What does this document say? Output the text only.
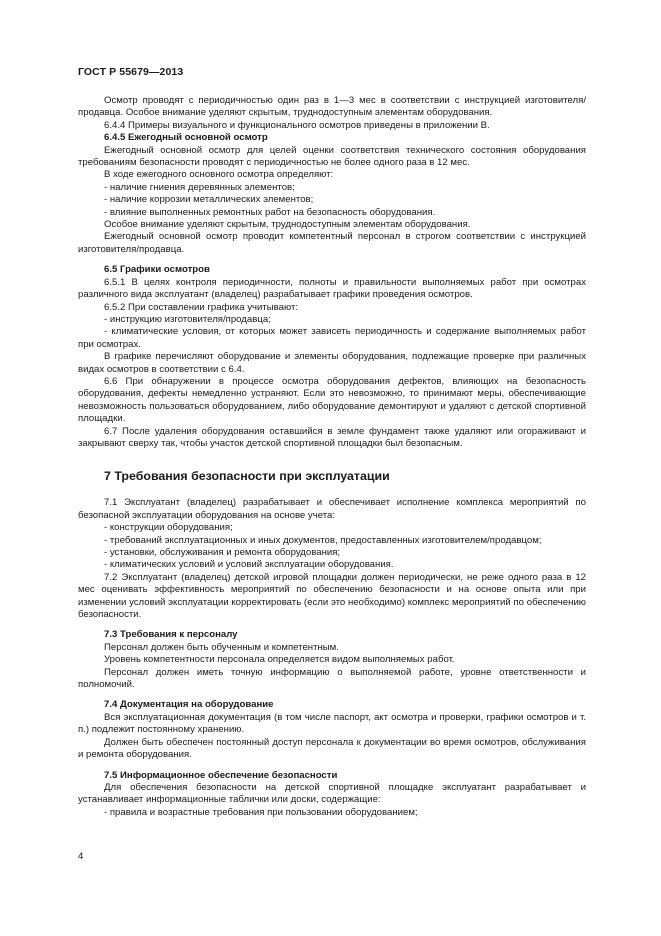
ГОСТ Р 55679—2013

Осмотр проводят с периодичностью один раз в 1—3 мес в соответствии с инструкцией изготовителя/продавца. Особое внимание уделяют скрытым, труднодоступным элементам оборудования.

6.4.4 Примеры визуального и функционального осмотров приведены в приложении В.

6.4.5 Ежегодный основной осмотр

Ежегодный основной осмотр для целей оценки соответствия технического состояния оборудования требованиям безопасности проводят с периодичностью не более одного раза в 12 мес.

В ходе ежегодного основного осмотра определяют:

- наличие гниения деревянных элементов;

- наличие коррозии металлических элементов;

- влияние выполненных ремонтных работ на безопасность оборудования.

Особое внимание уделяют скрытым, труднодоступным элементам оборудования.

Ежегодный основной осмотр проводит компетентный персонал в строгом соответствии с инструкцией изготовителя/продавца.

6.5 Графики осмотров

6.5.1 В целях контроля периодичности, полноты и правильности выполняемых работ при осмотрах различного вида эксплуатант (владелец) разрабатывает графики проведения осмотров.

6.5.2 При составлении графика учитывают:

- инструкцию изготовителя/продавца;

- климатические условия, от которых может зависеть периодичность и содержание выполняемых работ при осмотрах.

В графике перечисляют оборудование и элементы оборудования, подлежащие проверке при различных видах осмотров в соответствии с 6.4.

6.6 При обнаружении в процессе осмотра оборудования дефектов, влияющих на безопасность оборудования, дефекты немедленно устраняют. Если это невозможно, то принимают меры, обеспечивающие невозможность пользоваться оборудованием, либо оборудование демонтируют и удаляют с детской спортивной площадки.

6.7 После удаления оборудования оставшийся в земле фундамент также удаляют или огораживают и закрывают сверху так, чтобы участок детской спортивной площадки был безопасным.

7 Требования безопасности при эксплуатации

7.1 Эксплуатант (владелец) разрабатывает и обеспечивает исполнение комплекса мероприятий по безопасной эксплуатации оборудования на основе учета:

- конструкции оборудования;

- требований эксплуатационных и иных документов, предоставленных изготовителем/продавцом;

- установки, обслуживания и ремонта оборудования;

- климатических условий и условий эксплуатации оборудования.

7.2 Эксплуатант (владелец) детской игровой площадки должен периодически, не реже одного раза в 12 мес оценивать эффективность мероприятий по обеспечению безопасности и на основе опыта или при изменении условий эксплуатации корректировать (если это необходимо) комплекс мероприятий по обеспечению безопасности.

7.3 Требования к персоналу

Персонал должен быть обученным и компетентным.

Уровень компетентности персонала определяется видом выполняемых работ.

Персонал должен иметь точную информацию о выполняемой работе, уровне ответственности и полномочий.

7.4 Документация на оборудование

Вся эксплуатационная документация (в том числе паспорт, акт осмотра и проверки, графики осмотров и т. п.) подлежит постоянному хранению.

Должен быть обеспечен постоянный доступ персонала к документации во время осмотров, обслуживания и ремонта оборудования.

7.5 Информационное обеспечение безопасности

Для обеспечения безопасности на детской спортивной площадке эксплуатант разрабатывает и устанавливает информационные таблички или доски, содержащие:

- правила и возрастные требования при пользовании оборудованием;

4
